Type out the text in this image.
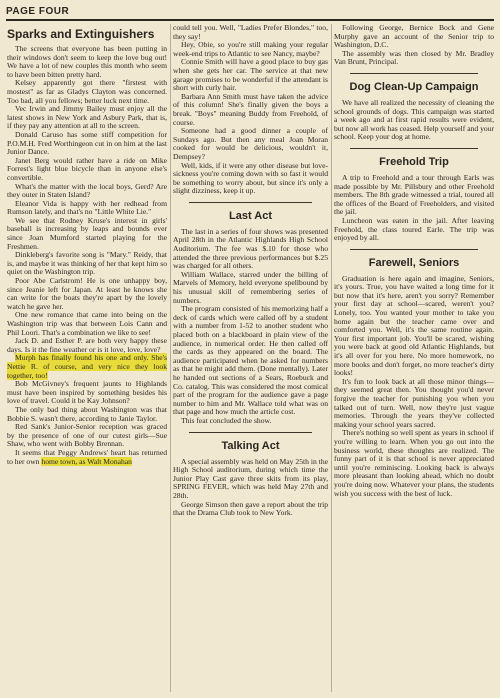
PAGE FOUR
Sparks and Extinguishers

The screens that everyone has been putting in their windows don't seem to keep the love bug out! We have a lot of new couples this month who seem to have been bitten pretty hard.

Kelsey apparently got there "firstest with mostest" as far as Gladys Clayton was concerned. Too bad, all you fellows; better luck next time.

Vec Irwin and Jimmy Bailey must enjoy all the latest shows in New York and Asbury Park, that is, if they pay any attention at all to the screen.

Donald Caruso has some stiff competition for P.O.M.H. Fred Worthingeon cut in on him at the last Junior Dance.

Janet Berg would rather have a ride on Mike Forrest's light blue bicycle than in anyone else's convertible.

What's the matter with the local boys, Gerd? Are they outer in Staten Island?

Eleanor Vida is happy with her redhead from Rumson lately, and that's no "Little White Lie."

We see that Rodney Kruse's interest in girls' baseball is increasing by leaps and bounds ever since Joan Mumford started playing for the Freshmen.

Dinkleberg's favorite song is "Mary." Reidy, that is, and maybe it was thinking of her that kept him so quiet on the Washington trip.

Poor Abe Carlstrom! He is one unhappy boy, since Jeanie left for Japan. At least he knows she can write for the boats they're apart by the lovely watch he gave her.

One new romance that came into being on the Washington trip was that between Lois Cann and Phil Loori. That's a combination we like to see!

Jack D. and Esther P. are both very happy these days. Is it the fine weather or is it love, love, love?

Murph has finally found his one and only. She's Nettie R. of course, and very nice they look together, too!

Bob McGivney's frequent jaunts to Highlands must have been inspired by something besides his love of travel. Could it be Kay Johnson?

The only bad thing about Washington was that Bobbie S. wasn't there, according to Janie Taylor.

Red Sank's Junior-Senior reception was graced by the presence of one of our cutest girls—Sue Shaw, who went with Bobby Brennan.

It seems that Peggy Andrews' heart has returned to her own home town, as Walt Monahan

could tell you. Well, "Ladies Prefer Blondes," too, they say!

Hey, Obie, so you're still making your regular week-end trips to Atlantic to see Nancy, maybe?

Connie Smith will have a good place to buy gas when she gets her car. The service at that new garage promises to be wonderful if the attendant is short with curly hair.

Barbara Ann Smith must have taken the advice of this column! She's finally given the boys a break. "Boys" meaning Buddy from Freehold, of course.

Someone had a good dinner a couple of Sundays ago. But then any meal Joan Moran cooked for would be delicious, wouldn't it, Dempsey?

Well, kids, if it were any other disease but love-sickness you're coming down with so fast it would be something to worry about, but since it's only a slight dizziness, keep it up.

Last Act

The last in a series of four shows was presented April 28th in the Atlantic Highlands High School Auditorium. The fee was $.10 for those who attended the three previous performances but $.25 was charged for all others.

William Wallace, starred under the billing of Marvels of Memory, held everyone spellbound by his unusual skill of remembering series of numbers.

The program consisted of his memorizing half a deck of cards which were called off by a student with a number from 1-52 to another student who placed both on a blackboard in plain view of the audience, in numerical order. He then called off the cards as they appeared on the board. The audience participated when he asked for numbers as that he might add them. (Done mentally). Later he handed out sections of a Sears, Roebuck and Co. catalog. This was considered the most comical part of the program for the audience gave a page number to him and Mr. Wallace told what was on that page and how much the article cost.

This feat concluded the show.

Talking Act

A special assembly was held on May 25th in the High School auditorium, during which time the Junior Play Cast gave three skits from its play, SPRING FEVER, which was held May 27th and 28th.

George Simson then gave a report about the trip that the Drama Club took to New York.

Following George, Bernice Bock and Gene Murphy gave an account of the Senior trip to Washington, D.C.

The assembly was then closed by Mr. Bradley Van Brunt, Principal.

Dog Clean-Up Campaign

We have all realized the necessity of cleaning the school grounds of dogs. This campaign was started a week ago and at first rapid results were evident, but now all work has ceased. Help yourself and your school. Keep your dog at home.

Freehold Trip

A trip to Freehold and a tour through Earls was made possible by Mr. Pillsbury and other Freehold members. The 8th grade witnessed a trial, toured all the offices of the Board of Freeholders, and visited the jail.

Luncheon was eaten in the jail. After leaving Freehold, the class toured Earle. The trip was enjoyed by all.

Farewell, Seniors

Graduation is here again and imagine, Seniors, it's yours. True, you have waited a long time for it but now that it's here, aren't you sorry? Remember your first day at school—scared, weren't you? Lonely, too. You wanted your mother to take you home again but the teacher came over and comforted you. Well, it's the same routine again. Your first important job. You'll be scared, wishing you were back at good old Atlantic Highlands, but it's all over for you here. No more homework, no more books and don't forget, no more teacher's dirty looks!

It's fun to look back at all those minor things—they seemed great then. You thought you'd never forgive the teacher for punishing you when you talked out of turn. Well, now they're just vague memories. Through the years they've collected making your school years sacred.

There's nothing so well spent as years in school if you're willing to learn. When you go out into the business world, these thoughts are realized. The funny part of it is that school is never appreciated until you're reminiscing. Looking back is always more pleasant than looking ahead, which no doubt you're doing now. Whatever your plans, the students wish you success with the best of luck.
